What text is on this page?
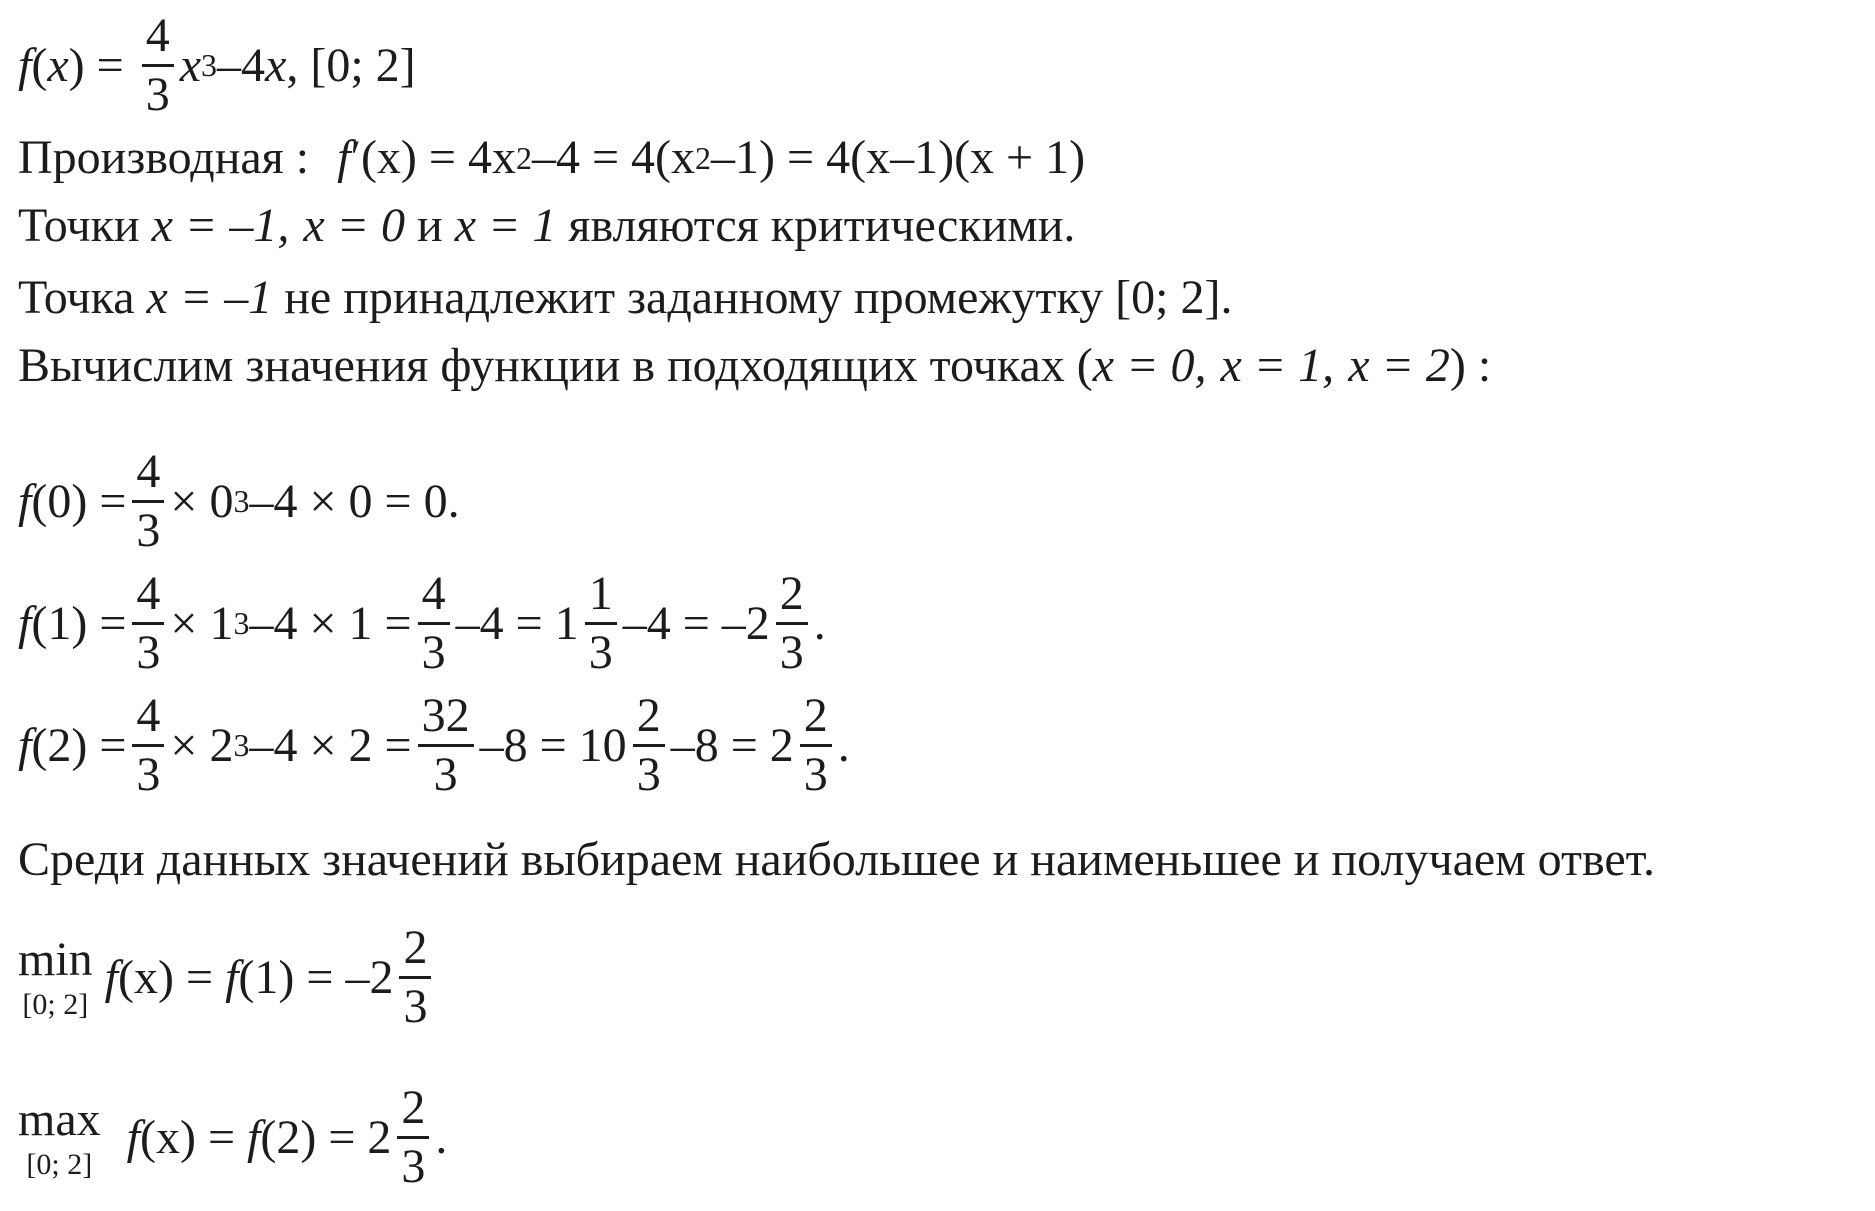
f ( x ) = $\frac{4}{3}$ x 3 –4 x , [0; 2]
Производная : f ′(x) = 4x 2 –4 = 4(x 2 –1) = 4(x–1)(x + 1)
Точки x = –1, x = 0 и x = 1 являются критическими.
Точка x = –1 не принадлежит заданному промежутку [0; 2].
Вычислим значения функции в подходящих точках ( x = 0, x = 1, x = 2 ) :
f $(0) = \frac{4}{3} \times 0$ 3 –4 × 0 = 0.
f $(1) = \frac{4}{3} \times 1$ 3 $-4 \times 1 = \frac{4}{3} -4 = 1 \frac{1}{3} -4 = -2 \frac{2}{3}$ .
f $(2) = \frac{4}{3} \times 2$ 3 $-4 \times 2 = \frac{32}{3} -8 = 10 \frac{2}{3} -8 = 2 \frac{2}{3}$ .
Среди данных значений выбираем наибольшее и наименьшее и получаем ответ.
min
[0; 2]
f (x) = f $(1) = -2 \frac{2}{3}$
max
[0; 2]
f (x) = f $(2) = 2 \frac{2}{3}$ .
